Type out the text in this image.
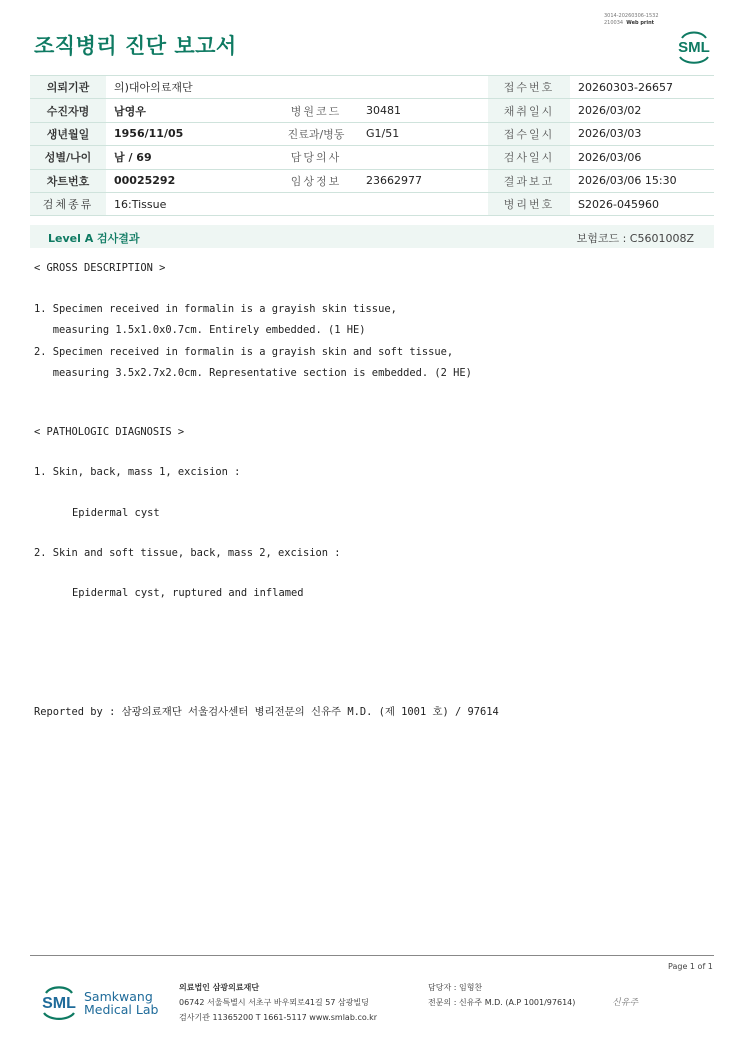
조직병리 진단 보고서
3014-20260306-1532
210034 Web print
SML
의뢰기관	의)대아의료재단			접수번호	20260303-26657
수진자명	남영우	병원코드	30481	채취일시	2026/03/02
생년월일	1956/11/05	진료과/병동	G1/51	접수일시	2026/03/03
성별/나이	남 / 69	담당의사		검사일시	2026/03/06
차트번호	00025292	임상정보	23662977	결과보고	2026/03/06 15:30
검체종류	16:Tissue			병리번호	S2026-045960
Level A 검사결과	보험코드 : C5601008Z
< GROSS DESCRIPTION >
1. Specimen received in formalin is a grayish skin tissue,
measuring 1.5x1.0x0.7cm. Entirely embedded. (1 HE)
2. Specimen received in formalin is a grayish skin and soft tissue,
measuring 3.5x2.7x2.0cm. Representative section is embedded. (2 HE)
< PATHOLOGIC DIAGNOSIS >
1. Skin, back, mass 1, excision :
Epidermal cyst
2. Skin and soft tissue, back, mass 2, excision :
Epidermal cyst, ruptured and inflamed
Reported by : 삼광의료재단 서울검사센터 병리전문의 신유주 M.D. (제 1001 호) / 97614
Page 1 of 1
SML Samkwang
Medical Lab
의료법인 삼광의료재단
06742 서울특별시 서초구 바우뫼로41길 57 삼광빌딩
검사기관 11365200 T 1661-5117 www.smlab.co.kr
담당자 : 임형찬
전문의 : 신유주 M.D. (A.P 1001/97614)	신유주
